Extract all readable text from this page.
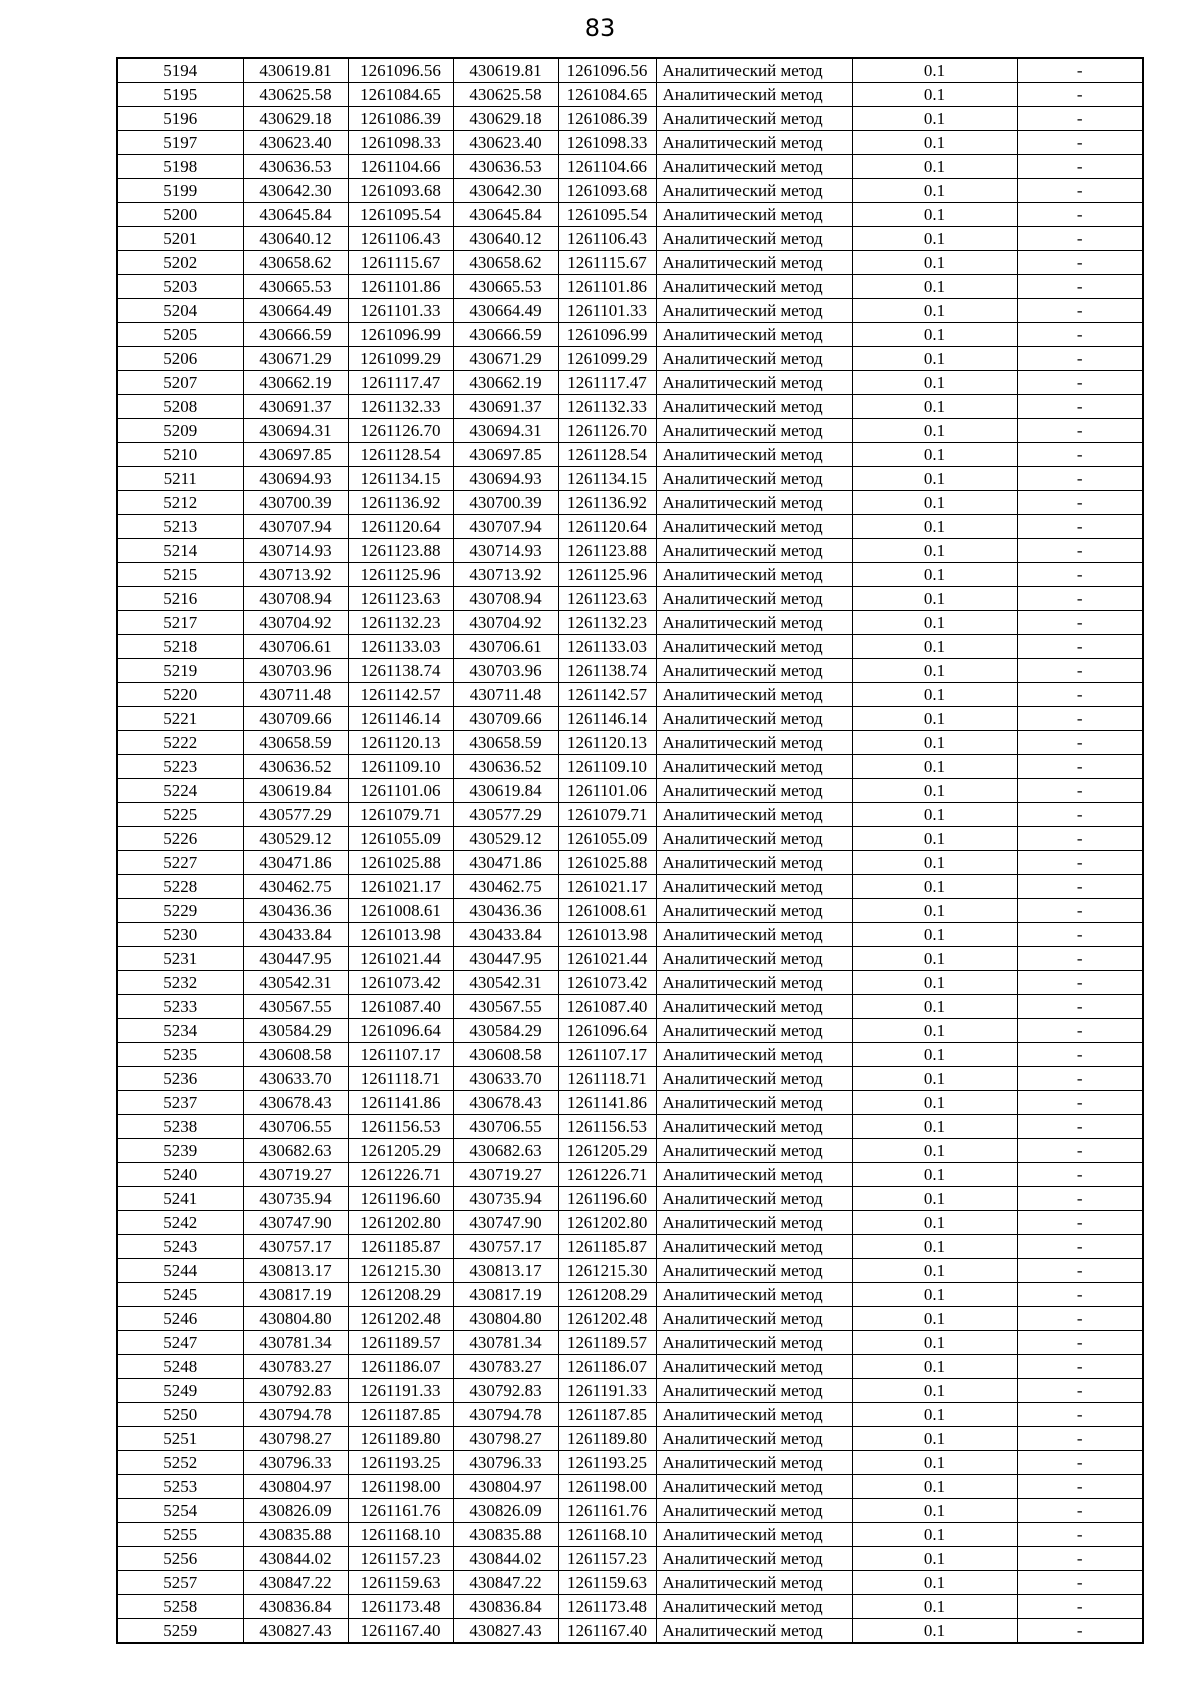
83
5194	430619.81	1261096.56	430619.81	1261096.56	Аналитический метод	0.1	-
5195	430625.58	1261084.65	430625.58	1261084.65	Аналитический метод	0.1	-
5196	430629.18	1261086.39	430629.18	1261086.39	Аналитический метод	0.1	-
5197	430623.40	1261098.33	430623.40	1261098.33	Аналитический метод	0.1	-
5198	430636.53	1261104.66	430636.53	1261104.66	Аналитический метод	0.1	-
5199	430642.30	1261093.68	430642.30	1261093.68	Аналитический метод	0.1	-
5200	430645.84	1261095.54	430645.84	1261095.54	Аналитический метод	0.1	-
5201	430640.12	1261106.43	430640.12	1261106.43	Аналитический метод	0.1	-
5202	430658.62	1261115.67	430658.62	1261115.67	Аналитический метод	0.1	-
5203	430665.53	1261101.86	430665.53	1261101.86	Аналитический метод	0.1	-
5204	430664.49	1261101.33	430664.49	1261101.33	Аналитический метод	0.1	-
5205	430666.59	1261096.99	430666.59	1261096.99	Аналитический метод	0.1	-
5206	430671.29	1261099.29	430671.29	1261099.29	Аналитический метод	0.1	-
5207	430662.19	1261117.47	430662.19	1261117.47	Аналитический метод	0.1	-
5208	430691.37	1261132.33	430691.37	1261132.33	Аналитический метод	0.1	-
5209	430694.31	1261126.70	430694.31	1261126.70	Аналитический метод	0.1	-
5210	430697.85	1261128.54	430697.85	1261128.54	Аналитический метод	0.1	-
5211	430694.93	1261134.15	430694.93	1261134.15	Аналитический метод	0.1	-
5212	430700.39	1261136.92	430700.39	1261136.92	Аналитический метод	0.1	-
5213	430707.94	1261120.64	430707.94	1261120.64	Аналитический метод	0.1	-
5214	430714.93	1261123.88	430714.93	1261123.88	Аналитический метод	0.1	-
5215	430713.92	1261125.96	430713.92	1261125.96	Аналитический метод	0.1	-
5216	430708.94	1261123.63	430708.94	1261123.63	Аналитический метод	0.1	-
5217	430704.92	1261132.23	430704.92	1261132.23	Аналитический метод	0.1	-
5218	430706.61	1261133.03	430706.61	1261133.03	Аналитический метод	0.1	-
5219	430703.96	1261138.74	430703.96	1261138.74	Аналитический метод	0.1	-
5220	430711.48	1261142.57	430711.48	1261142.57	Аналитический метод	0.1	-
5221	430709.66	1261146.14	430709.66	1261146.14	Аналитический метод	0.1	-
5222	430658.59	1261120.13	430658.59	1261120.13	Аналитический метод	0.1	-
5223	430636.52	1261109.10	430636.52	1261109.10	Аналитический метод	0.1	-
5224	430619.84	1261101.06	430619.84	1261101.06	Аналитический метод	0.1	-
5225	430577.29	1261079.71	430577.29	1261079.71	Аналитический метод	0.1	-
5226	430529.12	1261055.09	430529.12	1261055.09	Аналитический метод	0.1	-
5227	430471.86	1261025.88	430471.86	1261025.88	Аналитический метод	0.1	-
5228	430462.75	1261021.17	430462.75	1261021.17	Аналитический метод	0.1	-
5229	430436.36	1261008.61	430436.36	1261008.61	Аналитический метод	0.1	-
5230	430433.84	1261013.98	430433.84	1261013.98	Аналитический метод	0.1	-
5231	430447.95	1261021.44	430447.95	1261021.44	Аналитический метод	0.1	-
5232	430542.31	1261073.42	430542.31	1261073.42	Аналитический метод	0.1	-
5233	430567.55	1261087.40	430567.55	1261087.40	Аналитический метод	0.1	-
5234	430584.29	1261096.64	430584.29	1261096.64	Аналитический метод	0.1	-
5235	430608.58	1261107.17	430608.58	1261107.17	Аналитический метод	0.1	-
5236	430633.70	1261118.71	430633.70	1261118.71	Аналитический метод	0.1	-
5237	430678.43	1261141.86	430678.43	1261141.86	Аналитический метод	0.1	-
5238	430706.55	1261156.53	430706.55	1261156.53	Аналитический метод	0.1	-
5239	430682.63	1261205.29	430682.63	1261205.29	Аналитический метод	0.1	-
5240	430719.27	1261226.71	430719.27	1261226.71	Аналитический метод	0.1	-
5241	430735.94	1261196.60	430735.94	1261196.60	Аналитический метод	0.1	-
5242	430747.90	1261202.80	430747.90	1261202.80	Аналитический метод	0.1	-
5243	430757.17	1261185.87	430757.17	1261185.87	Аналитический метод	0.1	-
5244	430813.17	1261215.30	430813.17	1261215.30	Аналитический метод	0.1	-
5245	430817.19	1261208.29	430817.19	1261208.29	Аналитический метод	0.1	-
5246	430804.80	1261202.48	430804.80	1261202.48	Аналитический метод	0.1	-
5247	430781.34	1261189.57	430781.34	1261189.57	Аналитический метод	0.1	-
5248	430783.27	1261186.07	430783.27	1261186.07	Аналитический метод	0.1	-
5249	430792.83	1261191.33	430792.83	1261191.33	Аналитический метод	0.1	-
5250	430794.78	1261187.85	430794.78	1261187.85	Аналитический метод	0.1	-
5251	430798.27	1261189.80	430798.27	1261189.80	Аналитический метод	0.1	-
5252	430796.33	1261193.25	430796.33	1261193.25	Аналитический метод	0.1	-
5253	430804.97	1261198.00	430804.97	1261198.00	Аналитический метод	0.1	-
5254	430826.09	1261161.76	430826.09	1261161.76	Аналитический метод	0.1	-
5255	430835.88	1261168.10	430835.88	1261168.10	Аналитический метод	0.1	-
5256	430844.02	1261157.23	430844.02	1261157.23	Аналитический метод	0.1	-
5257	430847.22	1261159.63	430847.22	1261159.63	Аналитический метод	0.1	-
5258	430836.84	1261173.48	430836.84	1261173.48	Аналитический метод	0.1	-
5259	430827.43	1261167.40	430827.43	1261167.40	Аналитический метод	0.1	-
